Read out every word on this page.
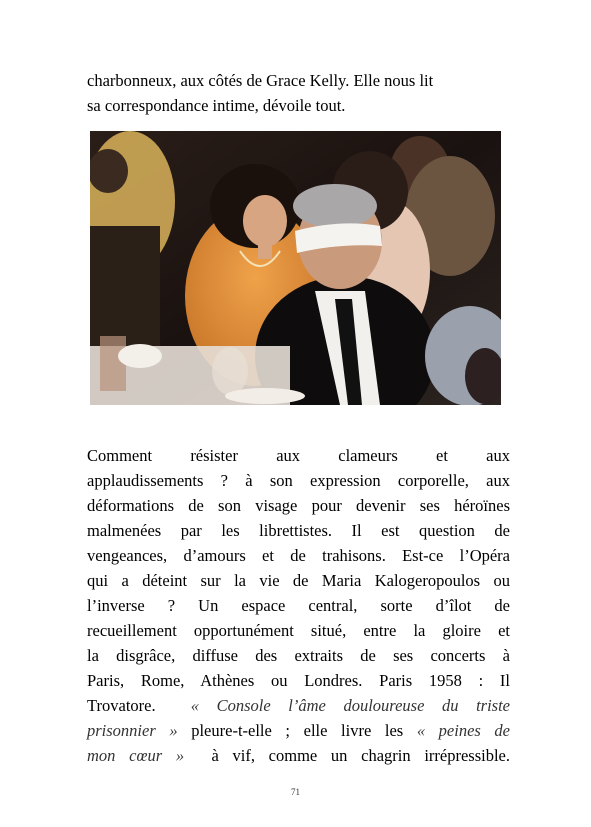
charbonneux, aux côtés de Grace Kelly. Elle nous lit
sa correspondance intime, dévoile tout.
Comment résister aux clameurs et aux
applaudissements ? à son expression corporelle, aux
déformations de son visage pour devenir ses héroïnes
malmenées par les librettistes. Il est question de
vengeances, d’amours et de trahisons. Est-ce l’Opéra
qui a déteint sur la vie de Maria Kalogeropoulos ou
l’inverse ? Un espace central, sorte d’îlot de
recueillement opportunément situé, entre la gloire et
la disgrâce, diffuse des extraits de ses concerts à
Paris, Rome, Athènes ou Londres. Paris 1958 : Il
Trovatore. « Console l’âme douloureuse du triste
prisonnier » pleure-t-elle ; elle livre les « peines de
mon cœur » à vif, comme un chagrin irrépressible.
71
